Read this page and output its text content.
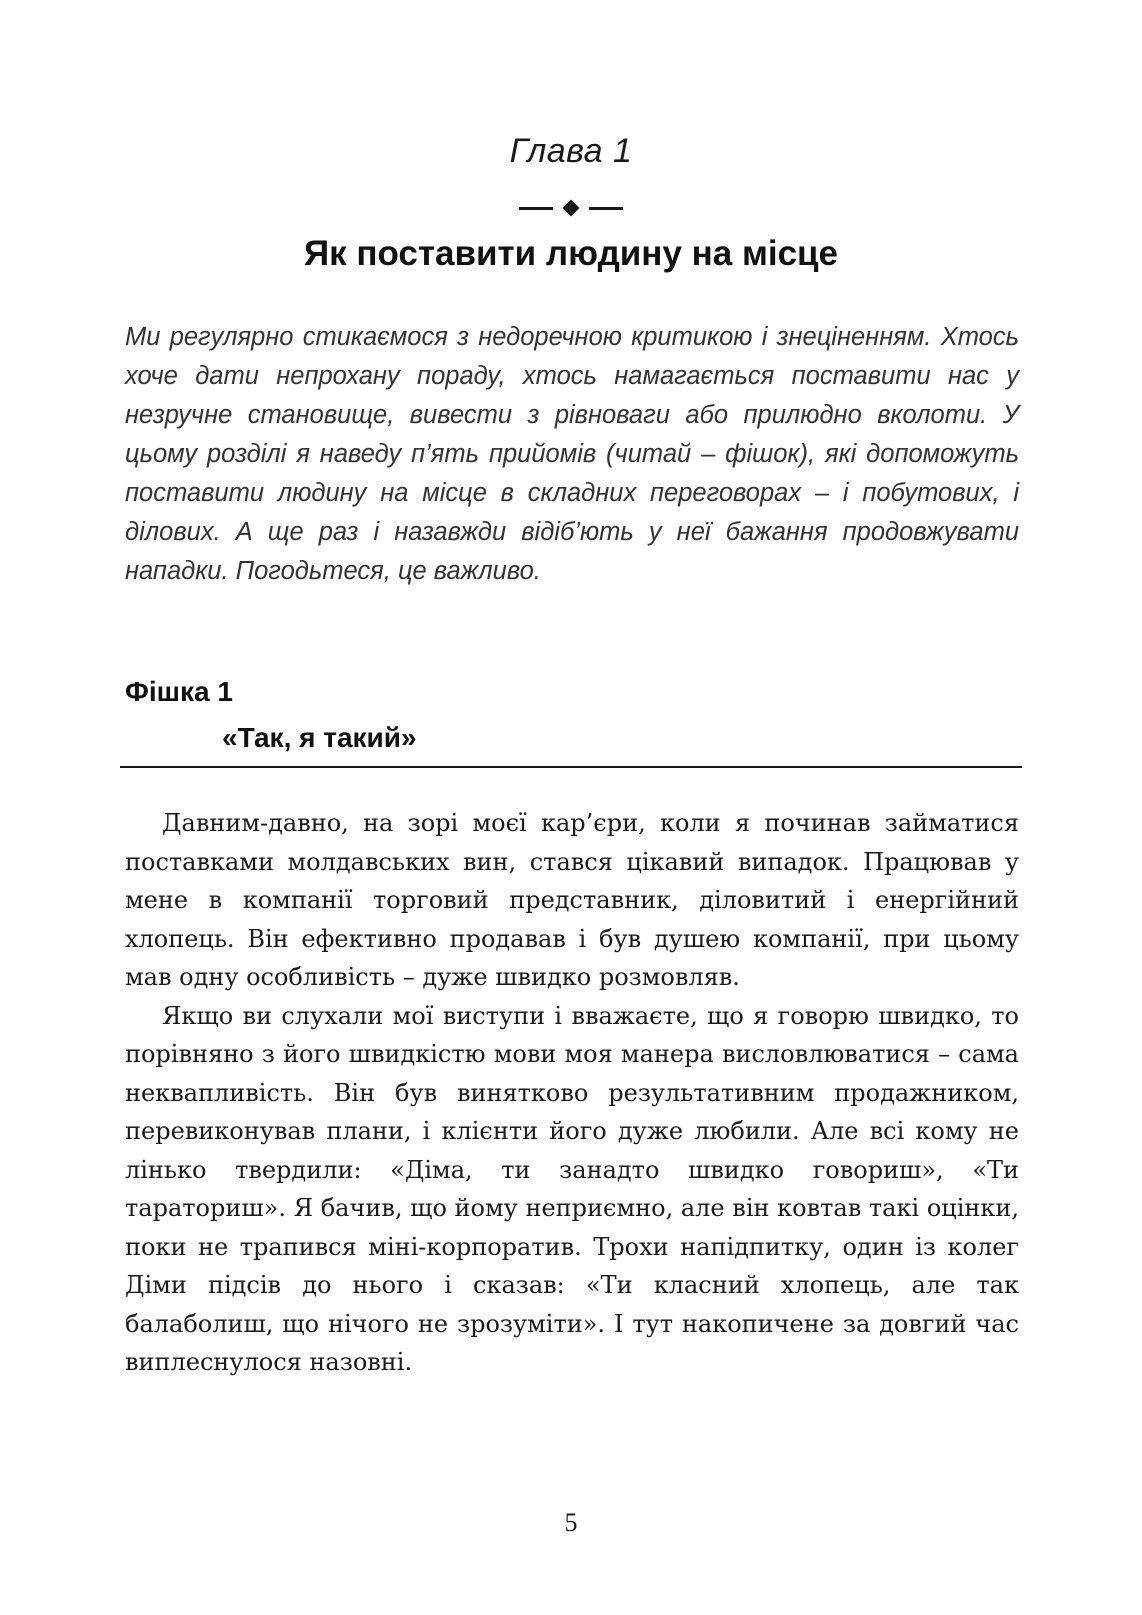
Глава 1
Як поставити людину на місце

Ми регулярно стикаємося з недоречною критикою і знеціненням. Хтось хоче дати непрохану пораду, хтось намагається поставити нас у незручне становище, вивести з рівноваги або прилюдно вколоти. У цьому розділі я наведу п’ять прийомів (читай – фішок), які допоможуть поставити людину на місце в складних переговорах – і побутових, і ділових. А ще раз і назавжди відіб’ють у неї бажання продовжувати нападки. Погодьтеся, це важливо.

Фішка 1
«Так, я такий»

Давним-давно, на зорі моєї кар’єри, коли я починав займатися поставками молдавських вин, стався цікавий випадок. Працював у мене в компанії торговий представник, діловитий і енергійний хлопець. Він ефективно продавав і був душею компанії, при цьому мав одну особливість – дуже швидко розмовляв.

Якщо ви слухали мої виступи і вважаєте, що я говорю швидко, то порівняно з його швидкістю мови моя манера висловлюватися – сама неквапливість. Він був винятково результативним продажником, перевиконував плани, і клієнти його дуже любили. Але всі кому не лінько твердили: «Діма, ти занадто швидко говориш», «Ти тараториш». Я бачив, що йому неприємно, але він ковтав такі оцінки, поки не трапився міні-корпоратив. Трохи напідпитку, один із колег Діми підсів до нього і сказав: «Ти класний хлопець, але так балаболиш, що нічого не зрозуміти». І тут накопичене за довгий час виплеснулося назовні.

5
